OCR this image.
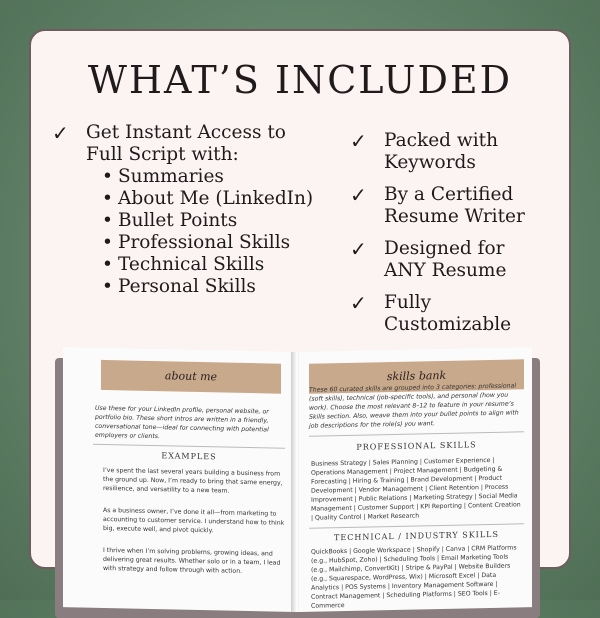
WHAT’S INCLUDED
✓ Get Instant Access to
Full Script with:
• Summaries
• About Me (LinkedIn)
• Bullet Points
• Professional Skills
• Technical Skills
• Personal Skills
✓ Packed with
Keywords
✓ By a Certified
Resume Writer
✓ Designed for
ANY Resume
✓ Fully
Customizable
about me
Use these for your LinkedIn profile, personal website, or portfolio bio. These short intros are written in a friendly, conversational tone—ideal for connecting with potential employers or clients.
EXAMPLES
I’ve spent the last several years building a business from the ground up. Now, I’m ready to bring that same energy, resilience, and versatility to a new team.
As a business owner, I’ve done it all—from marketing to accounting to customer service. I understand how to think big, execute well, and pivot quickly.
I thrive when I’m solving problems, growing ideas, and delivering great results. Whether solo or in a team, I lead with strategy and follow through with action.
skills bank
These 60 curated skills are grouped into 3 categories: professional (soft skills), technical (job-specific tools), and personal (how you work). Choose the most relevant 8–12 to feature in your resume’s Skills section. Also, weave them into your bullet points to align with job descriptions for the role(s) you want.
PROFESSIONAL SKILLS
Business Strategy | Sales Planning | Customer Experience | Operations Management | Project Management | Budgeting & Forecasting | Hiring & Training | Brand Development | Product Development | Vendor Management | Client Retention | Process Improvement | Public Relations | Marketing Strategy | Social Media Management | Customer Support | KPI Reporting | Content Creation | Quality Control | Market Research
TECHNICAL / INDUSTRY SKILLS
QuickBooks | Google Workspace | Shopify | Canva | CRM Platforms (e.g., HubSpot, Zoho) | Scheduling Tools | Email Marketing Tools (e.g., Mailchimp, ConvertKit) | Stripe & PayPal | Website Builders (e.g., Squarespace, WordPress, Wix) | Microsoft Excel | Data Analytics | POS Systems | Inventory Management Software | Contract Management | Scheduling Platforms | SEO Tools | E-Commerce
